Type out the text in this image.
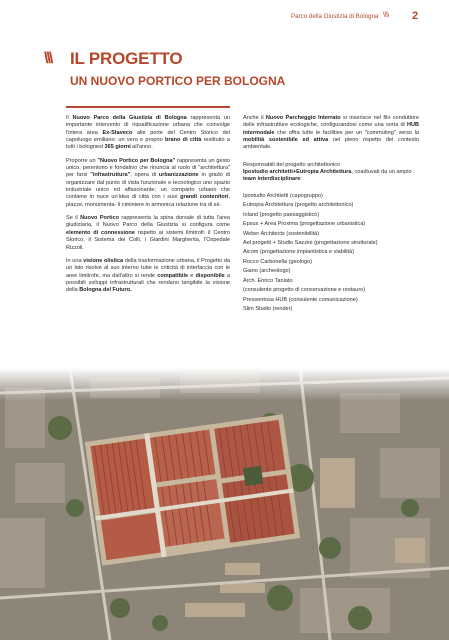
Parco della Giustizia di Bologna \\\\ 2
\\\ IL PROGETTO
UN NUOVO PORTICO PER BOLOGNA

Il Nuovo Parco della Giustizia di Bologna rappresenta un importante intervento di riqualificazione urbana che coinvolge l'intera area Ex-Staveco alle porte del Centro Storico del capoluogo emiliano: un vero e proprio brano di città restituito a tutti i bolognesi 365 giorni all'anno.

Proporre un "Nuovo Portico per Bologna" rappresenta un gesto unico, perentorio e fondativo che rinuncia al ruolo di "architettura" per farsi "infrastruttura", opera di urbanizzazione in grado di organizzare dal punto di vista funzionale e tecnologico uno spazio industriale unico ed affascinante; un comparto urbano che contiene in nuce un'idea di città con i suoi grandi contenitori, piazze, monumenta- li ciminiere in armonica relazione tra di sé.

Se il Nuovo Portico rappresenta la spina dorsale di tutta l'area giudiziaria, il Nuovo Parco della Giustizia si configura come elemento di connessione rispetto ai sistemi limitrofi: il Centro Storico, il Sistema dei Colli, i Giardini Margherita, l'Ospedale Rizzoli.

In una visione olistica della trasformazione urbana, il Progetto da un lato risolve al suo interno tutte le criticità di interfaccia con le aree limitrofe, ma dall'altro si rende compatibile e disponibile a possibili sviluppi infrastrutturali che rendano tangibile la visione della Bologna del Futuro.

Anche il Nuovo Parcheggio Interrato si inserisce nel filo conduttore delle infrastrutture ecologiche, configurandosi come una sorta di HUB intermodale che offra tutte le facilities per un "commuting" verso la mobilità sostenibile ed attiva nel pieno rispetto del contesto ambientale.

Responsabili del progetto architettonico

Ipostudio architetti+Eutropia Architettura, coadiuvati da un ampio team interdisciplinare:

Ipostudio Architetti (capogruppo)
Eutropia Architettura (progetto architettonico)
Inland (progetto paesaggistico)
Epsus + Area Proxima (progettazione urbanistica)
Weber Architects (sostenibilità)
Ael progetti + Studio Sazzini (progettazione strutturale)
Aicom (progettazione impiantistica e viabilità)
Rocco Carbonella (geologo)
Giano (archeologo)
Arch. Enrico Taniato
(consulente progetto di conservazione e restauro)
Pressentosa HUB (consulente comunicazione)
Slim Studio (render)
